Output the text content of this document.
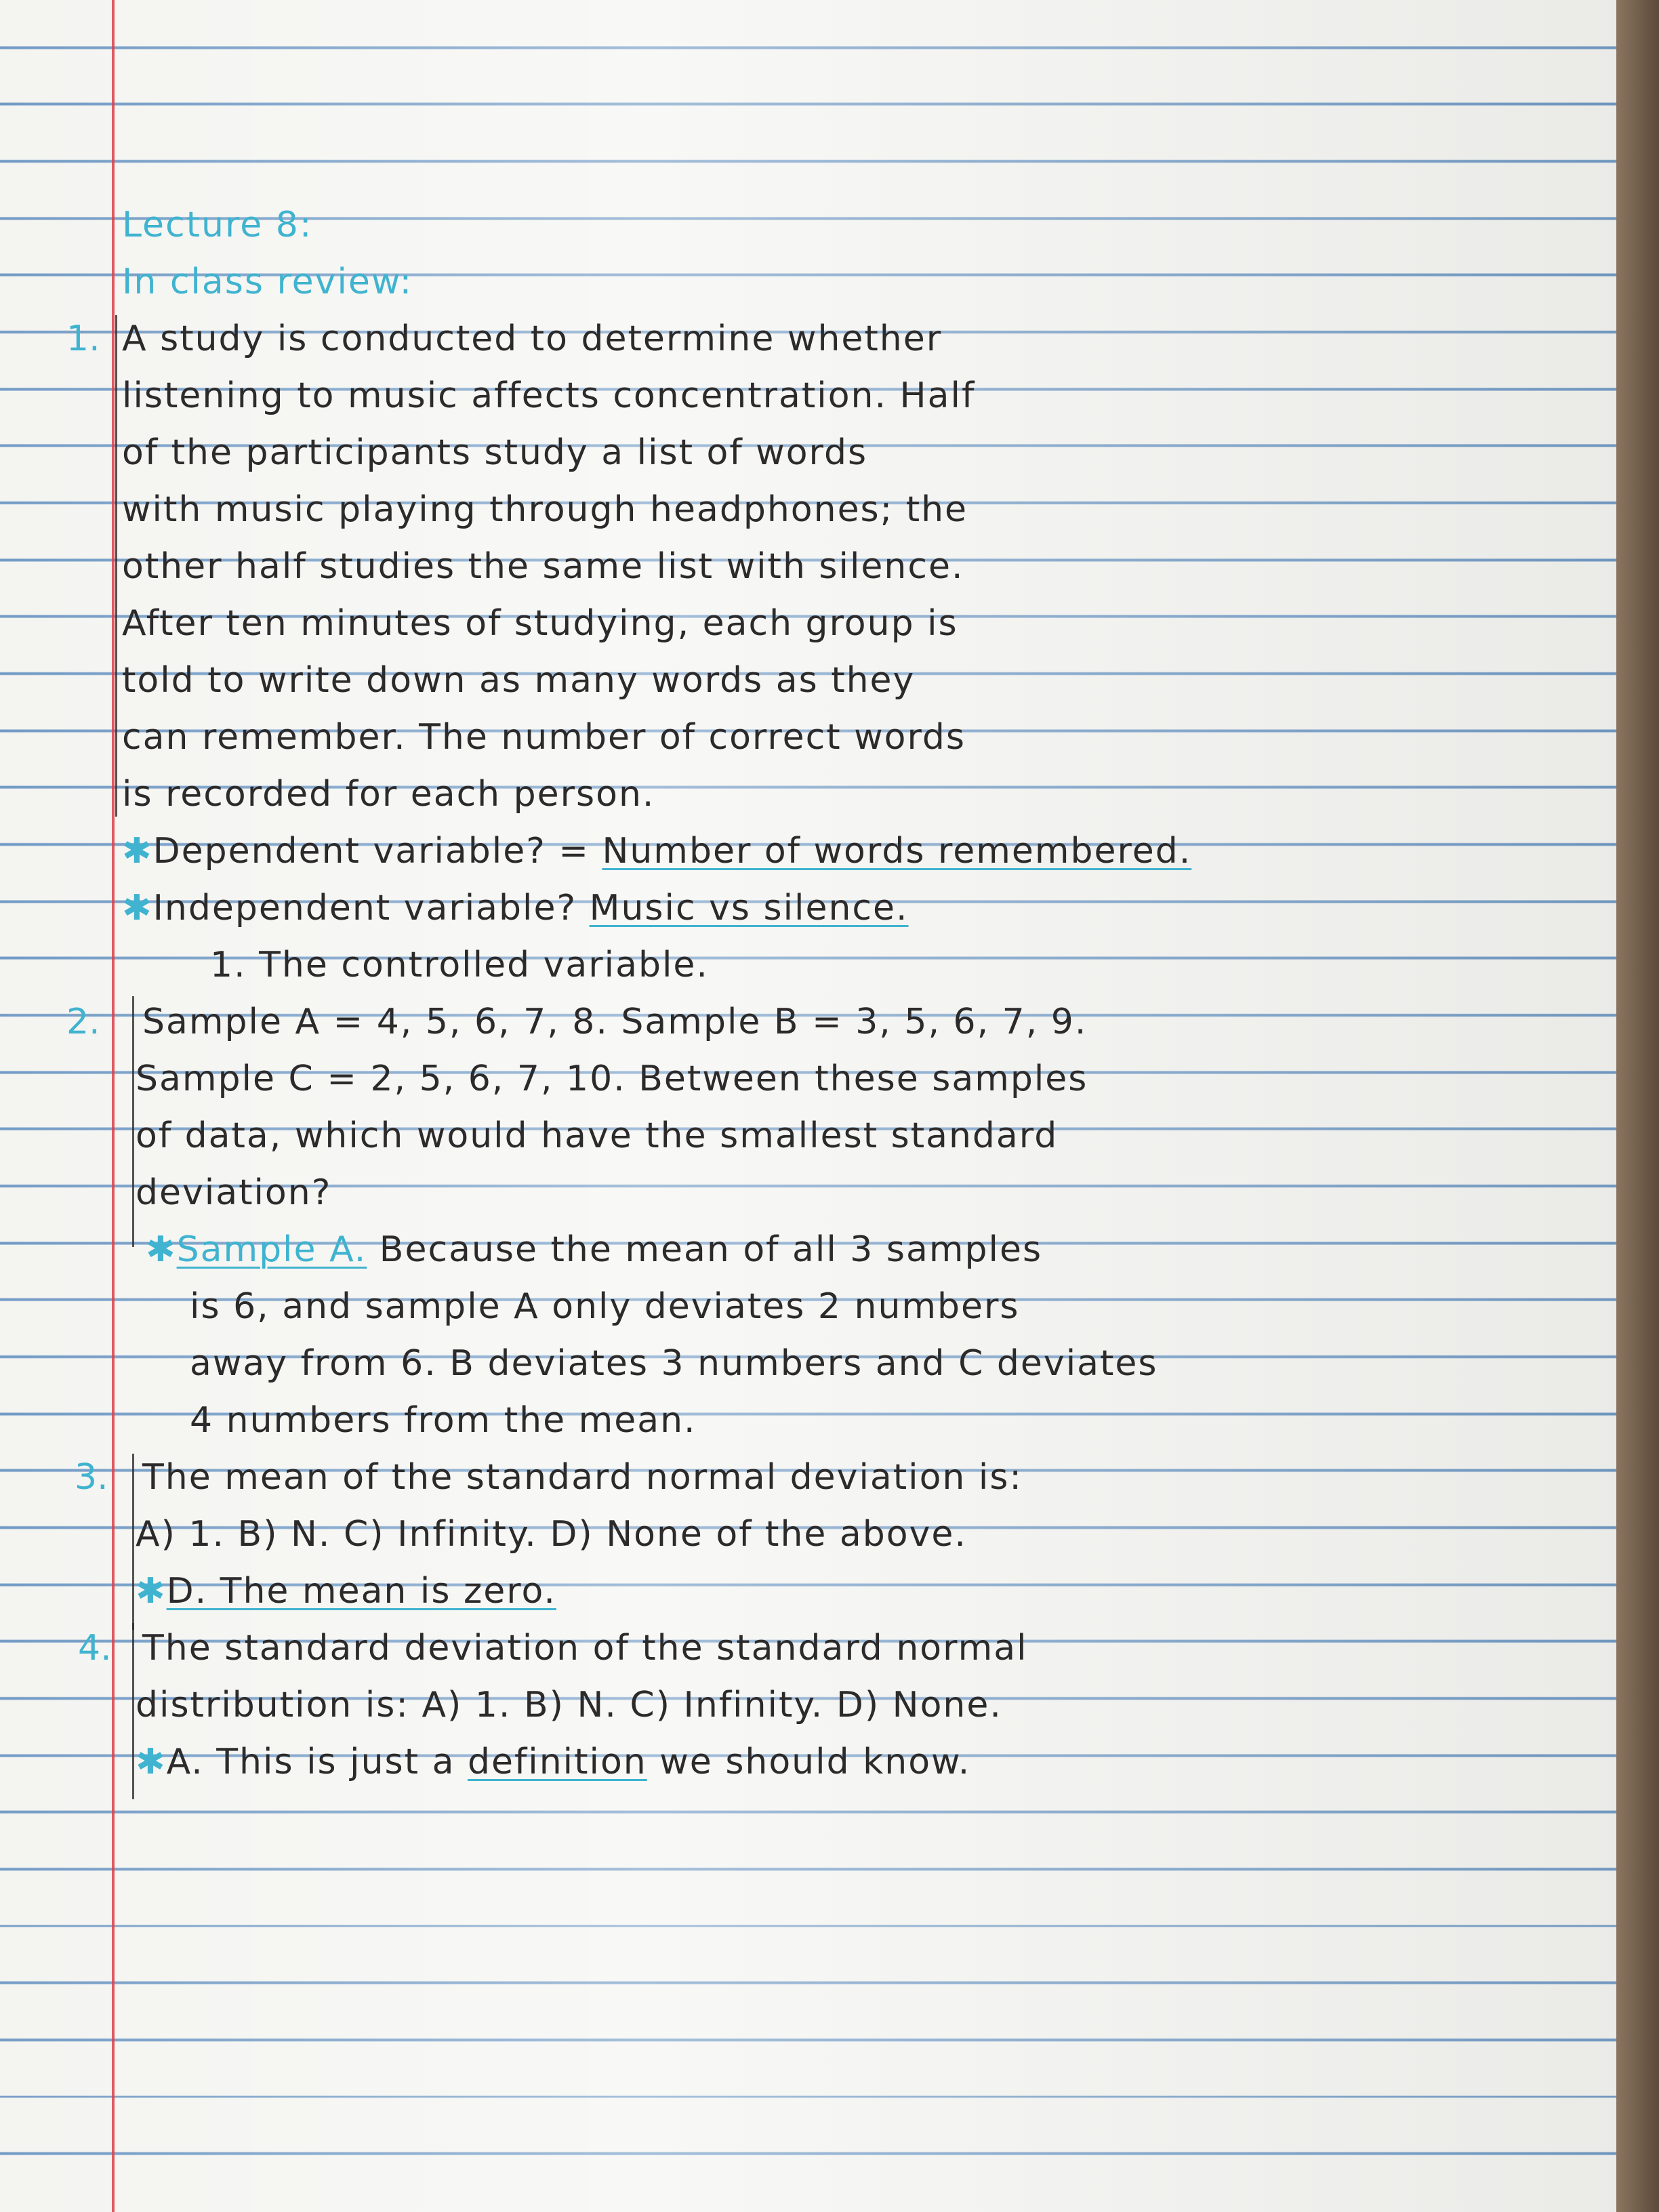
Lecture 8:
In class review:
1. A study is conducted to determine whether
listening to music affects concentration. Half
of the participants study a list of words
with music playing through headphones; the
other half studies the same list with silence.
After ten minutes of studying, each group is
told to write down as many words as they
can remember. The number of correct words
is recorded for each person.
✱Dependent variable? = Number of words remembered.
✱Independent variable? Music vs silence.
1. The controlled variable.
2. Sample A = 4, 5, 6, 7, 8. Sample B = 3, 5, 6, 7, 9.
Sample C = 2, 5, 6, 7, 10. Between these samples
of data, which would have the smallest standard
deviation?
✱Sample A. Because the mean of all 3 samples
is 6, and sample A only deviates 2 numbers
away from 6. B deviates 3 numbers and C deviates
4 numbers from the mean.
3. The mean of the standard normal deviation is:
A) 1. B) N. C) Infinity. D) None of the above.
✱D. The mean is zero.
4. The standard deviation of the standard normal
distribution is: A) 1. B) N. C) Infinity. D) None.
✱A. This is just a definition we should know.
